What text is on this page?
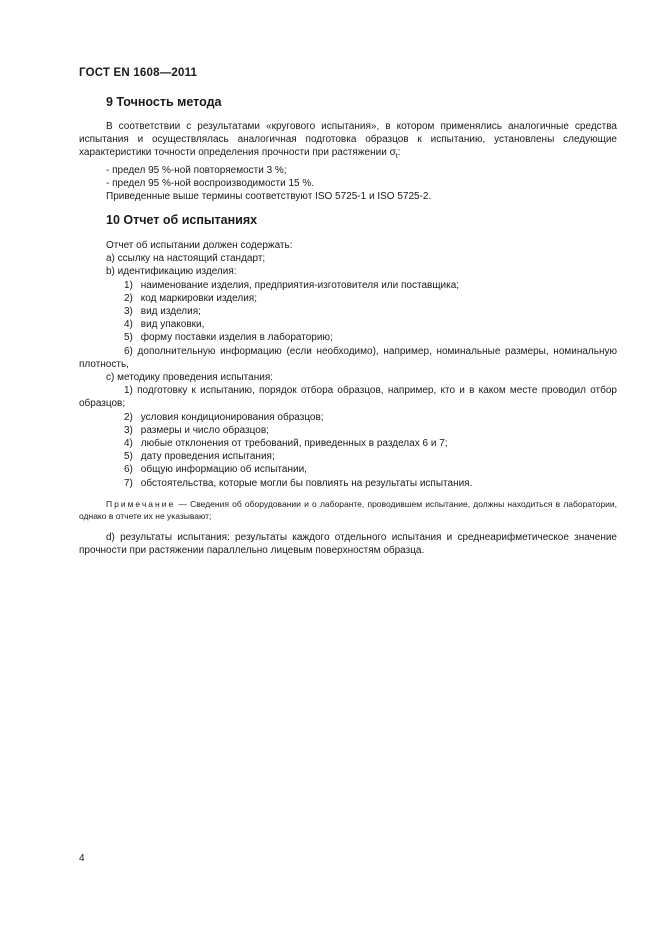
ГОСТ EN 1608—2011
9 Точность метода

В соответствии с результатами «кругового испытания», в котором применялись аналогичные средства испытания и осуществлялась аналогичная подготовка образцов к испытанию, установлены следующие характеристики точности определения прочности при растяжении $\sigma_t$:

- предел 95 %-ной повторяемости 3 %;

- предел 95 %-ной воспроизводимости 15 %.

Приведенные выше термины соответствуют ISO 5725-1 и ISO 5725-2.

10 Отчет об испытаниях

Отчет об испытании должен содержать:

a) ссылку на настоящий стандарт;

b) идентификацию изделия:

1) наименование изделия, предприятия-изготовителя или поставщика;

2) код маркировки изделия;

3) вид изделия;

4) вид упаковки,

5) форму поставки изделия в лабораторию;

6) дополнительную информацию (если необходимо), например, номинальные размеры, номинальную плотность,

c) методику проведения испытания:

1) подготовку к испытанию, порядок отбора образцов, например, кто и в каком месте проводил отбор образцов;

2) условия кондиционирования образцов;

3) размеры и число образцов;

4) любые отклонения от требований, приведенных в разделах 6 и 7;

5) дату проведения испытания;

6) общую информацию об испытании,

7) обстоятельства, которые могли бы повлиять на результаты испытания.

Примечание — Сведения об оборудовании и о лаборанте, проводившем испытание, должны находиться в лаборатории, однако в отчете их не указывают;

d) результаты испытания: результаты каждого отдельного испытания и среднеарифметическое значение прочности при растяжении параллельно лицевым поверхностям образца.

4
